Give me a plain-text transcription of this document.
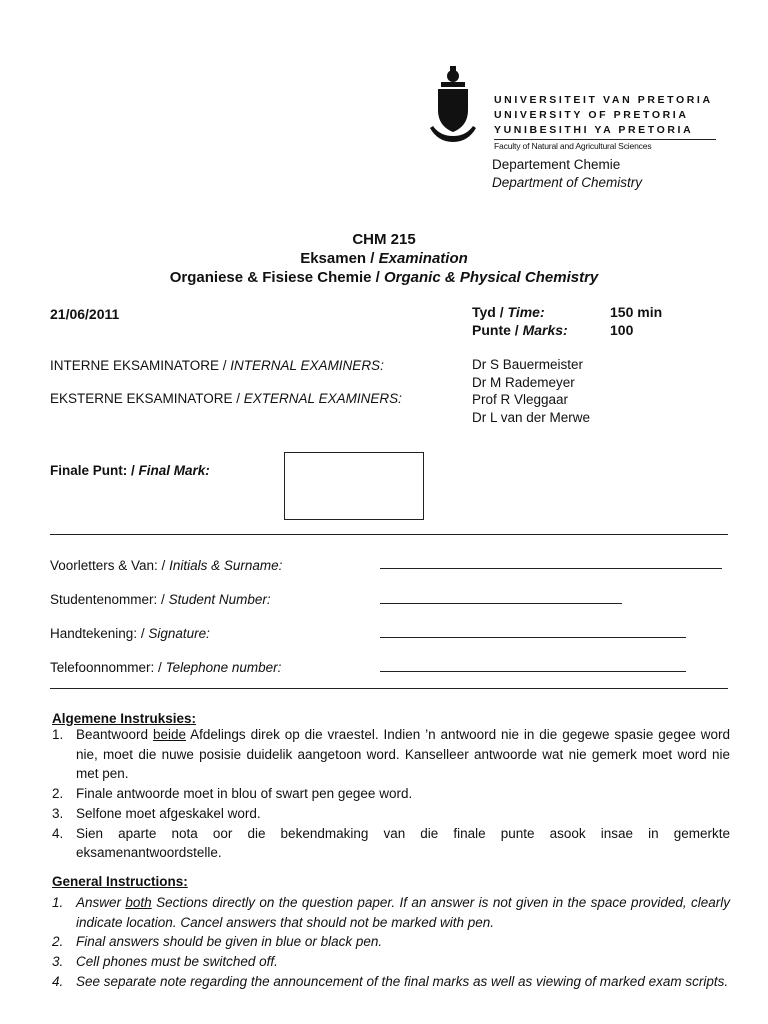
UNIVERSITEIT VAN PRETORIA
UNIVERSITY OF PRETORIA
YUNIBESITHI YA PRETORIA
Faculty of Natural and Agricultural Sciences
Departement Chemie
Department of Chemistry
CHM 215
Eksamen / Examination
Organiese & Fisiese Chemie / Organic & Physical Chemistry
21/06/2011	Tyd / Time:
Punte / Marks:
150 min
100
INTERNE EKSAMINATORE / INTERNAL EXAMINERS:
EKSTERNE EKSAMINATORE / EXTERNAL EXAMINERS:
Dr S Bauermeister
Dr M Rademeyer
Prof R Vleggaar
Dr L van der Merwe
Finale Punt: / Final Mark:
Voorletters & Van: / Initials & Surname:
Studentenommer: / Student Number:
Handtekening: / Signature:
Telefoonnommer: / Telephone number:
Algemene Instruksies:
1. Beantwoord beide Afdelings direk op die vraestel. Indien ’n antwoord nie in die gegewe spasie gegee word nie, moet die nuwe posisie duidelik aangetoon word. Kanselleer antwoorde wat nie gemerk moet word nie met pen.
2. Finale antwoorde moet in blou of swart pen gegee word.
3. Selfone moet afgeskakel word.
4. Sien aparte nota oor die bekendmaking van die finale punte asook insae in gemerkte eksamenantwoordstelle.
General Instructions:
1. Answer both Sections directly on the question paper. If an answer is not given in the space provided, clearly indicate location. Cancel answers that should not be marked with pen.
2. Final answers should be given in blue or black pen.
3. Cell phones must be switched off.
4. See separate note regarding the announcement of the final marks as well as viewing of marked exam scripts.
